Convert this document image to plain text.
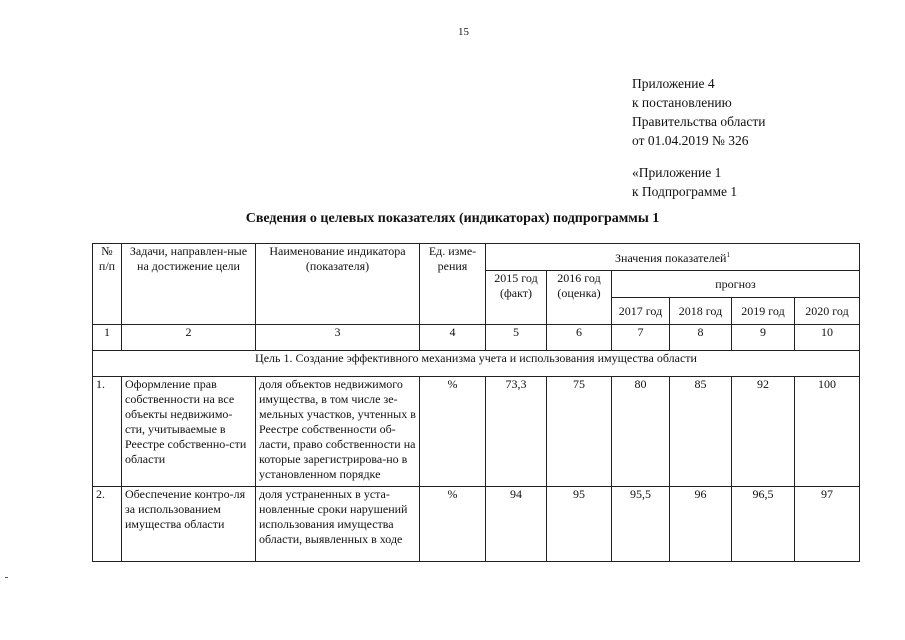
15
Приложение 4
к постановлению
Правительства области
от 01.04.2019 № 326
«Приложение 1
к Подпрограмме 1
Сведения о целевых показателях (индикаторах) подпрограммы 1
№ п/п	Задачи, направлен-ные на достижение цели	Наименование индикатора (показателя)	Ед. изме-рения	Значения показателей$^1$
				2015 год (факт)	2016 год (оценка)	прогноз			
						2017 год	2018 год	2019 год	2020 год
1	2	3	4	5	6	7	8	9	10
Цель 1. Создание эффективного механизма учета и использования имущества области									
1.	Оформление прав собственности на все объекты недвижимо-сти, учитываемые в Реестре собственно-сти области	доля объектов недвижимого имущества, в том числе зе-мельных участков, учтенных в Реестре собственности об-ласти, право собственности на которые зарегистрирова-но в установленном порядке	%	73,3	75	80	85	92	100
2.	Обеспечение контро-ля за использованием имущества области	доля устраненных в уста-новленные сроки нарушений использования имущества области, выявленных в ходе	%	94	95	95,5	96	96,5	97
